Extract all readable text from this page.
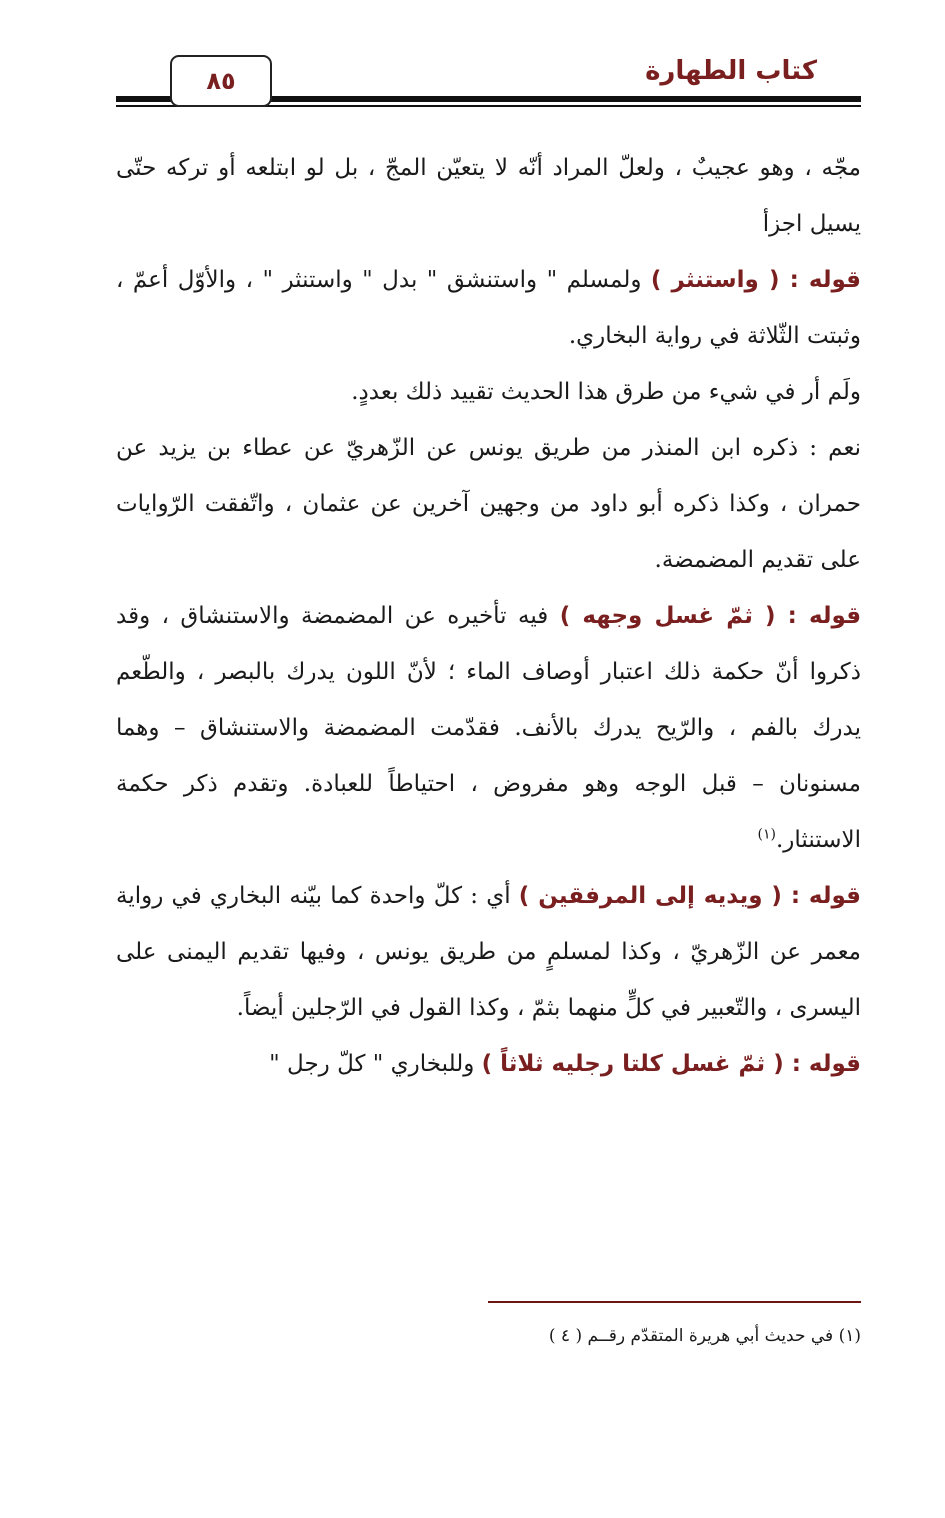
٨٥	كتاب الطهارة

مجّه ، وهو عجيبٌ ، ولعلّ المراد أنّه لا يتعيّن المجّ ، بل لو ابتلعه أو تركه حتّى يسيل اجزأ

قوله : ( واستنثر ) ولمسلم " واستنشق " بدل " واستنثر " ، والأوّل أعمّ ، وثبتت الثّلاثة في رواية البخاري.

ولَم أر في شيء من طرق هذا الحديث تقييد ذلك بعددٍ.

نعم : ذكره ابن المنذر من طريق يونس عن الزّهريّ عن عطاء بن يزيد عن حمران ، وكذا ذكره أبو داود من وجهين آخرين عن عثمان ، واتّفقت الرّوايات على تقديم المضمضة.

قوله : ( ثمّ غسل وجهه ) فيه تأخيره عن المضمضة والاستنشاق ، وقد ذكروا أنّ حكمة ذلك اعتبار أوصاف الماء ؛ لأنّ اللون يدرك بالبصر ، والطّعم يدرك بالفم ، والرّيح يدرك بالأنف. فقدّمت المضمضة والاستنشاق – وهما مسنونان – قبل الوجه وهو مفروض ، احتياطاً للعبادة. وتقدم ذكر حكمة الاستنثار.$^{(١)}$

قوله : ( ويديه إلى المرفقين ) أي : كلّ واحدة كما بيّنه البخاري في رواية معمر عن الزّهريّ ، وكذا لمسلمٍ من طريق يونس ، وفيها تقديم اليمنى على اليسرى ، والتّعبير في كلٍّ منهما بثمّ ، وكذا القول في الرّجلين أيضاً.

قوله : ( ثمّ غسل كلتا رجليه ثلاثاً ) وللبخاري " كلّ رجل "

(١) في حديث أبي هريرة المتقدّم رقــم ( ٤ )
